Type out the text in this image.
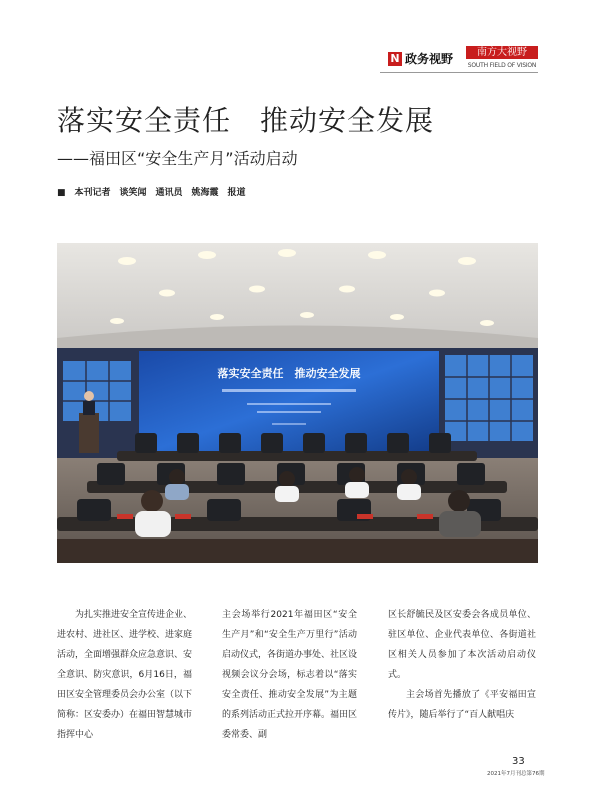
N 政务视野	南方大视野
SOUTH FIELD OF VISION
落实安全责任　推动安全发展
——福田区“安全生产月”活动启动
■　本刊记者　谈笑闻　通讯员　姚海霞　报道
落实安全责任　推动安全发展

为扎实推进安全宣传进企业、进农村、进社区、进学校、进家庭活动，全面增强群众应急意识、安全意识、防灾意识，6月16日，福田区安全管理委员会办公室（以下简称：区安委办）在福田智慧城市指挥中心

主会场举行2021年福田区“安全生产月”和“安全生产万里行”活动启动仪式，各街道办事处、社区设视频会议分会场，标志着以“落实安全责任、推动安全发展”为主题的系列活动正式拉开序幕。福田区委常委、副

区长舒毓民及区安委会各成员单位、驻区单位、企业代表单位、各街道社区相关人员参加了本次活动启动仪式。

主会场首先播放了《平安福田宣传片》，随后举行了“百人献唱庆

33
2021年7月刊总第76期
